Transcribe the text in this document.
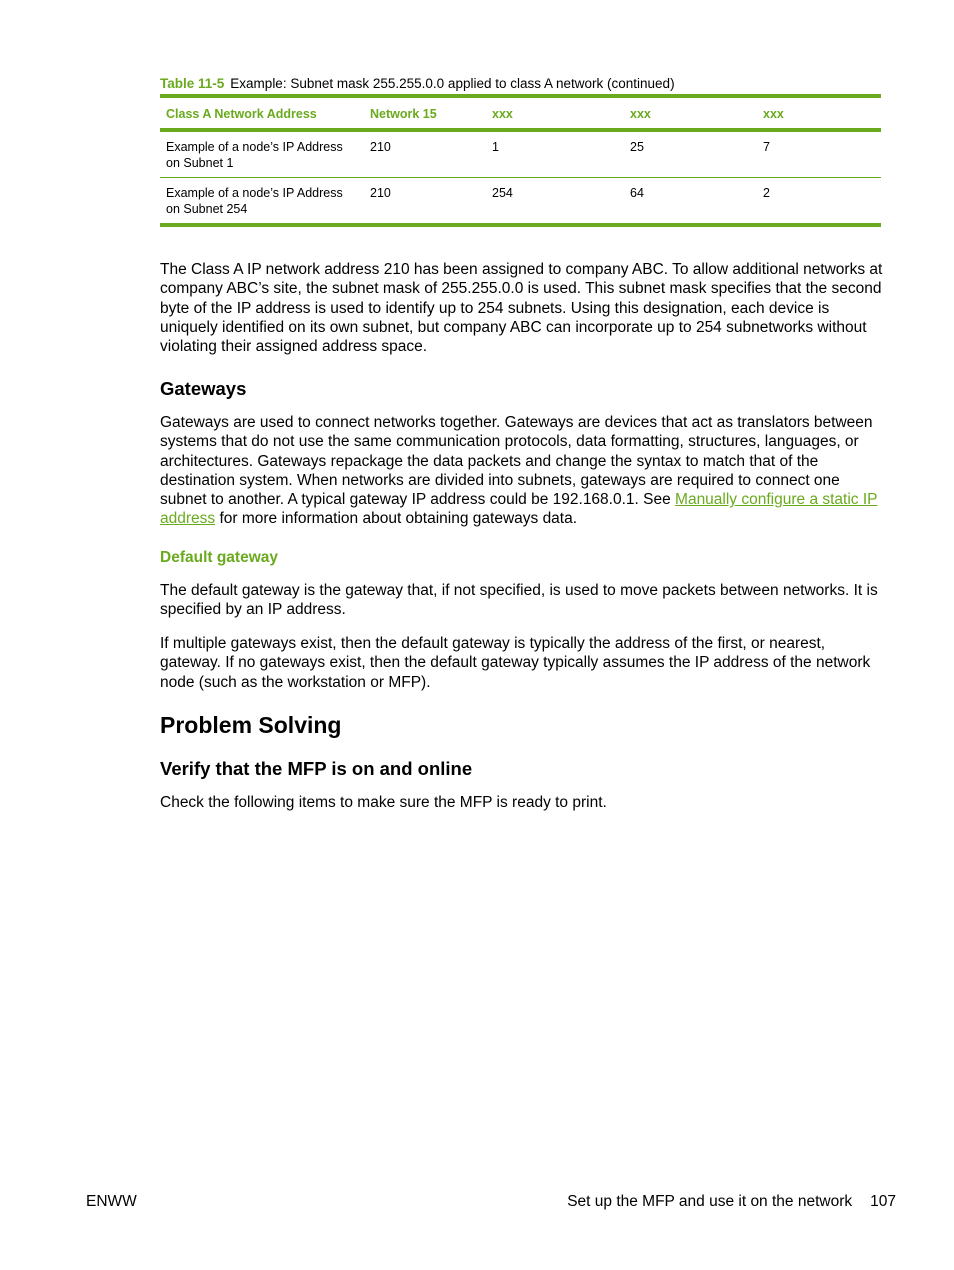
Table 11-5 Example: Subnet mask 255.255.0.0 applied to class A network (continued)
Class A Network Address	Network 15	xxx	xxx	xxx
Example of a node’s IP Address on Subnet 1	210	1	25	7
Example of a node’s IP Address on Subnet 254	210	254	64	2

The Class A IP network address 210 has been assigned to company ABC. To allow additional networks at company ABC’s site, the subnet mask of 255.255.0.0 is used. This subnet mask specifies that the second byte of the IP address is used to identify up to 254 subnets. Using this designation, each device is uniquely identified on its own subnet, but company ABC can incorporate up to 254 subnetworks without violating their assigned address space.

Gateways

Gateways are used to connect networks together. Gateways are devices that act as translators between systems that do not use the same communication protocols, data formatting, structures, languages, or architectures. Gateways repackage the data packets and change the syntax to match that of the destination system. When networks are divided into subnets, gateways are required to connect one subnet to another. A typical gateway IP address could be 192.168.0.1. See Manually configure a static IP address for more information about obtaining gateways data.

Default gateway

The default gateway is the gateway that, if not specified, is used to move packets between networks. It is specified by an IP address.

If multiple gateways exist, then the default gateway is typically the address of the first, or nearest, gateway. If no gateways exist, then the default gateway typically assumes the IP address of the network node (such as the workstation or MFP).

Problem Solving
Verify that the MFP is on and online

Check the following items to make sure the MFP is ready to print.

ENWW	Set up the MFP and use it on the network 107
